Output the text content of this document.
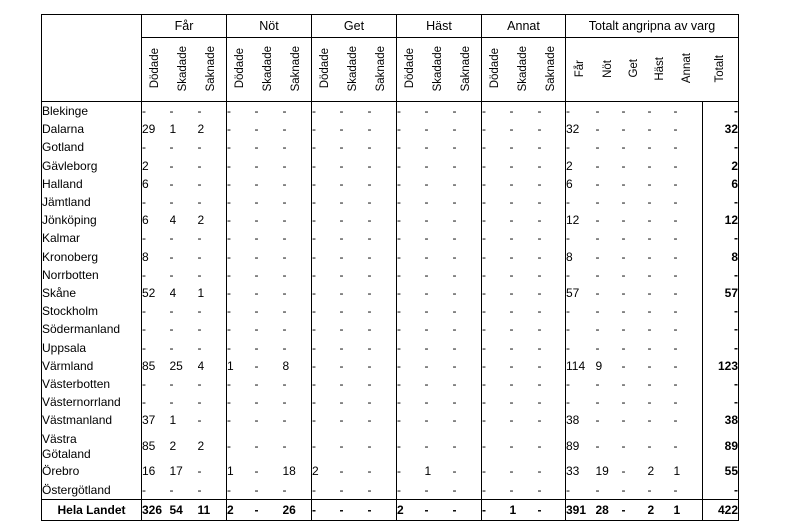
	Får			Nöt			Get			Häst			Annat			Totalt angripna av varg					
	Dödade	Skadade	Saknade	Dödade	Skadade	Saknade	Dödade	Skadade	Saknade	Dödade	Skadade	Saknade	Dödade	Skadade	Saknade	Får	Nöt	Get	Häst	Annat	Totalt
Blekinge	-	-	-	-	-	-	-	-	-	-	-	-	-	-	-	-	-	-	-	-	-
Dalarna	29	1	2	-	-	-	-	-	-	-	-	-	-	-	-	32	-	-	-	-	32
Gotland	-	-	-	-	-	-	-	-	-	-	-	-	-	-	-	-	-	-	-	-	-
Gävleborg	2	-	-	-	-	-	-	-	-	-	-	-	-	-	-	2	-	-	-	-	2
Halland	6	-	-	-	-	-	-	-	-	-	-	-	-	-	-	6	-	-	-	-	6
Jämtland	-	-	-	-	-	-	-	-	-	-	-	-	-	-	-	-	-	-	-	-	-
Jönköping	6	4	2	-	-	-	-	-	-	-	-	-	-	-	-	12	-	-	-	-	12
Kalmar	-	-	-	-	-	-	-	-	-	-	-	-	-	-	-	-	-	-	-	-	-
Kronoberg	8	-	-	-	-	-	-	-	-	-	-	-	-	-	-	8	-	-	-	-	8
Norrbotten	-	-	-	-	-	-	-	-	-	-	-	-	-	-	-	-	-	-	-	-	-
Skåne	52	4	1	-	-	-	-	-	-	-	-	-	-	-	-	57	-	-	-	-	57
Stockholm	-	-	-	-	-	-	-	-	-	-	-	-	-	-	-	-	-	-	-	-	-
Södermanland	-	-	-	-	-	-	-	-	-	-	-	-	-	-	-	-	-	-	-	-	-
Uppsala	-	-	-	-	-	-	-	-	-	-	-	-	-	-	-	-	-	-	-	-	-
Värmland	85	25	4	1	-	8	-	-	-	-	-	-	-	-	-	114	9	-	-	-	123
Västerbotten	-	-	-	-	-	-	-	-	-	-	-	-	-	-	-	-	-	-	-	-	-
Västernorrland	-	-	-	-	-	-	-	-	-	-	-	-	-	-	-	-	-	-	-	-	-
Västmanland	37	1	-	-	-	-	-	-	-	-	-	-	-	-	-	38	-	-	-	-	38
Västra
Götaland	85	2	2	-	-	-	-	-	-	-	-	-	-	-	-	89	-	-	-	-	89
Örebro	16	17	-	1	-	18	2	-	-	-	1	-	-	-	-	33	19	-	2	1	55
Östergötland	-	-	-	-	-	-	-	-	-	-	-	-	-	-	-	-	-	-	-	-	-
Hela Landet	326	54	11	2	-	26	-	-	-	2	-	-	-	1	-	391	28	-	2	1	422
